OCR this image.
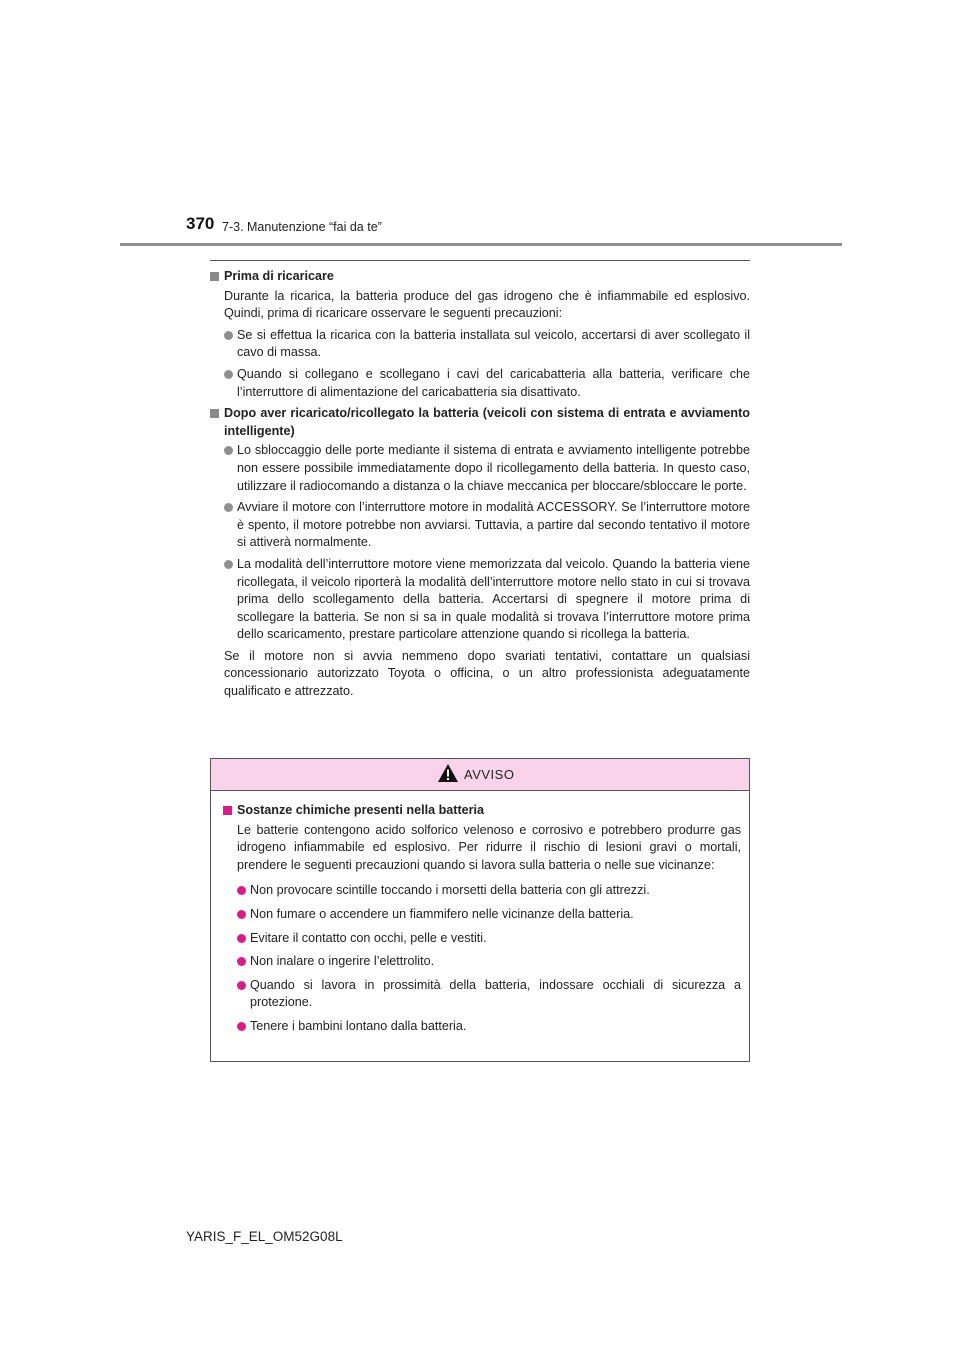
370 7-3. Manutenzione “fai da te”
Prima di ricaricare
Durante la ricarica, la batteria produce del gas idrogeno che è infiammabile ed esplosivo. Quindi, prima di ricaricare osservare le seguenti precauzioni:
Se si effettua la ricarica con la batteria installata sul veicolo, accertarsi di aver scollegato il cavo di massa.
Quando si collegano e scollegano i cavi del caricabatteria alla batteria, verificare che l’interruttore di alimentazione del caricabatteria sia disattivato.
Dopo aver ricaricato/ricollegato la batteria (veicoli con sistema di entrata e avviamento intelligente)
Lo sbloccaggio delle porte mediante il sistema di entrata e avviamento intelligente potrebbe non essere possibile immediatamente dopo il ricollegamento della batteria. In questo caso, utilizzare il radiocomando a distanza o la chiave meccanica per bloccare/sbloccare le porte.
Avviare il motore con l’interruttore motore in modalità ACCESSORY. Se l’interruttore motore è spento, il motore potrebbe non avviarsi. Tuttavia, a partire dal secondo tentativo il motore si attiverà normalmente.
La modalità dell’interruttore motore viene memorizzata dal veicolo. Quando la batteria viene ricollegata, il veicolo riporterà la modalità dell’interruttore motore nello stato in cui si trovava prima dello scollegamento della batteria. Accertarsi di spegnere il motore prima di scollegare la batteria. Se non si sa in quale modalità si trovava l’interruttore motore prima dello scaricamento, prestare particolare attenzione quando si ricollega la batteria.
Se il motore non si avvia nemmeno dopo svariati tentativi, contattare un qualsiasi concessionario autorizzato Toyota o officina, o un altro professionista adeguatamente qualificato e attrezzato.
AVVISO
Sostanze chimiche presenti nella batteria
Le batterie contengono acido solforico velenoso e corrosivo e potrebbero produrre gas idrogeno infiammabile ed esplosivo. Per ridurre il rischio di lesioni gravi o mortali, prendere le seguenti precauzioni quando si lavora sulla batteria o nelle sue vicinanze:
Non provocare scintille toccando i morsetti della batteria con gli attrezzi.
Non fumare o accendere un fiammifero nelle vicinanze della batteria.
Evitare il contatto con occhi, pelle e vestiti.
Non inalare o ingerire l’elettrolito.
Quando si lavora in prossimità della batteria, indossare occhiali di sicurezza a protezione.
Tenere i bambini lontano dalla batteria.
YARIS_F_EL_OM52G08L
